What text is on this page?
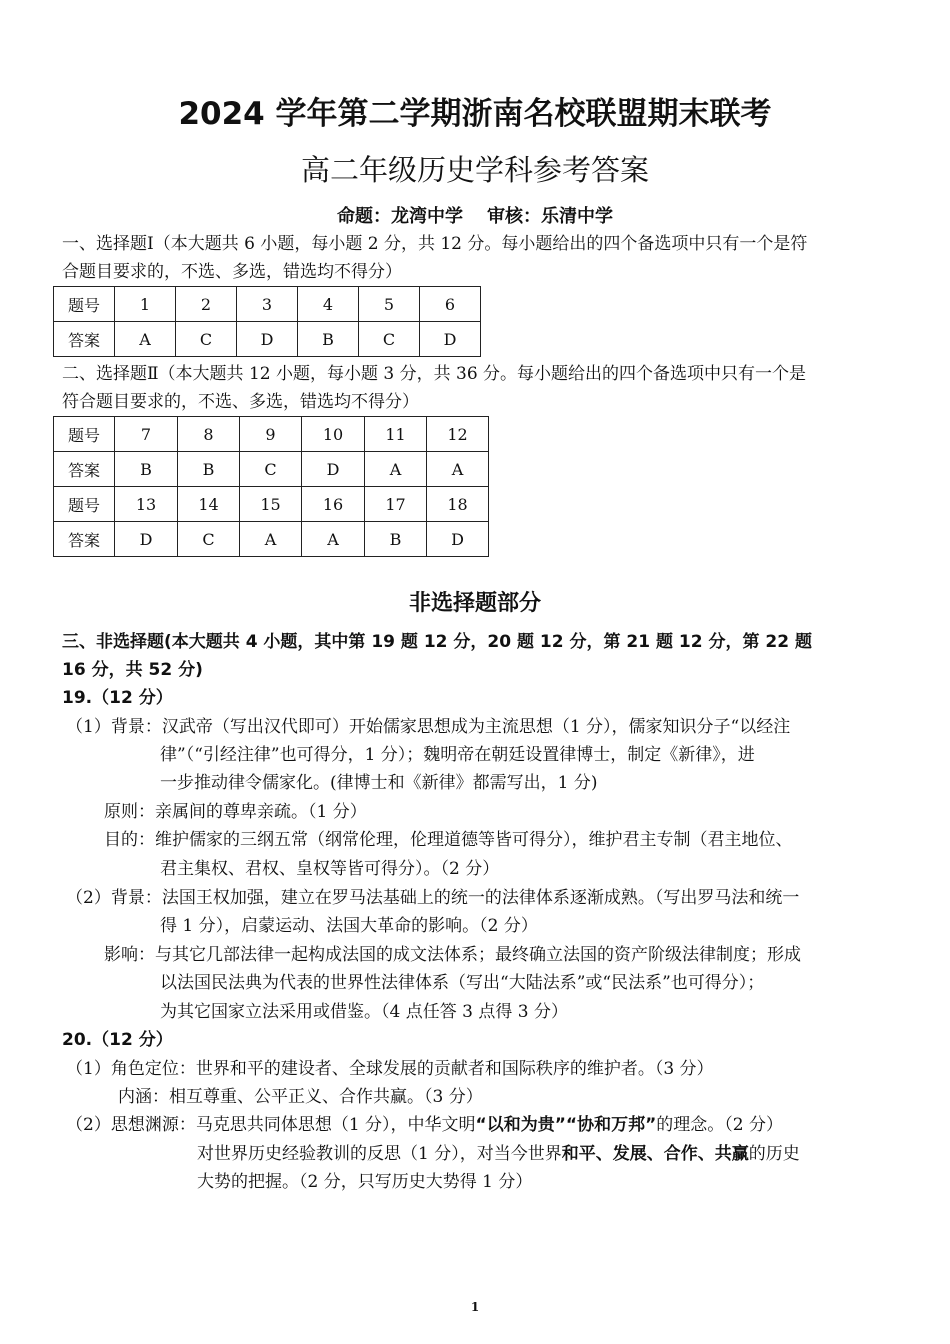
2024 学年第二学期浙南名校联盟期末联考
高二年级历史学科参考答案
命题：龙湾中学 审核：乐清中学
一、选择题Ⅰ（本大题共 6 小题，每小题 2 分，共 12 分。每小题给出的四个备选项中只有一个是符
合题目要求的，不选、多选，错选均不得分）
题号	1	2	3	4	5	6
答案	A	C	D	B	C	D
二、选择题Ⅱ（本大题共 12 小题，每小题 3 分，共 36 分。每小题给出的四个备选项中只有一个是
符合题目要求的，不选、多选，错选均不得分）
题号	7	8	9	10	11	12
答案	B	B	C	D	A	A
题号	13	14	15	16	17	18
答案	D	C	A	A	B	D
非选择题部分
三、非选择题(本大题共 4 小题，其中第 19 题 12 分，20 题 12 分，第 21 题 12 分，第 22 题
16 分，共 52 分)
19.（12 分）
（1）背景：汉武帝（写出汉代即可）开始儒家思想成为主流思想（1 分），儒家知识分子“以经注
律”（“引经注律”也可得分，1 分）；魏明帝在朝廷设置律博士，制定《新律》，进
一步推动律令儒家化。(律博士和《新律》都需写出，1 分)
原则：亲属间的尊卑亲疏。（1 分）
目的：维护儒家的三纲五常（纲常伦理，伦理道德等皆可得分），维护君主专制（君主地位、
君主集权、君权、皇权等皆可得分）。（2 分）
（2）背景：法国王权加强，建立在罗马法基础上的统一的法律体系逐渐成熟。（写出罗马法和统一
得 1 分），启蒙运动、法国大革命的影响。（2 分）
影响：与其它几部法律一起构成法国的成文法体系；最终确立法国的资产阶级法律制度；形成
以法国民法典为代表的世界性法律体系（写出“大陆法系”或“民法系”也可得分）；
为其它国家立法采用或借鉴。（4 点任答 3 点得 3 分）
20.（12 分）
（1）角色定位：世界和平的建设者、全球发展的贡献者和国际秩序的维护者。（3 分）
内涵：相互尊重、公平正义、合作共赢。（3 分）
（2）思想渊源：马克思共同体思想（1 分），中华文明“以和为贵”“协和万邦”的理念。（2 分）
对世界历史经验教训的反思（1 分），对当今世界和平、发展、合作、共赢的历史
大势的把握。（2 分，只写历史大势得 1 分）
1
